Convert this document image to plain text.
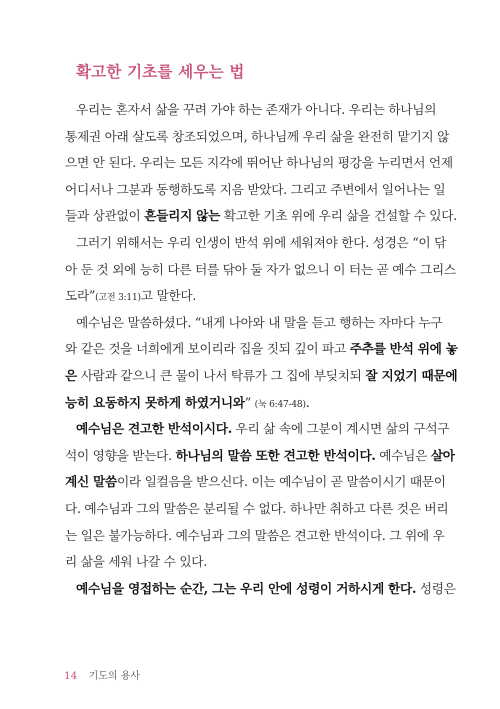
확고한 기초를 세우는 법
우리는 혼자서 삶을 꾸려 가야 하는 존재가 아니다. 우리는 하나님의
통제권 아래 살도록 창조되었으며, 하나님께 우리 삶을 완전히 맡기지 않
으면 안 된다. 우리는 모든 지각에 뛰어난 하나님의 평강을 누리면서 언제
어디서나 그분과 동행하도록 지음 받았다. 그리고 주변에서 일어나는 일
들과 상관없이 흔들리지 않는 확고한 기초 위에 우리 삶을 건설할 수 있다.
그러기 위해서는 우리 인생이 반석 위에 세워져야 한다. 성경은 “이 닦
아 둔 것 외에 능히 다른 터를 닦아 둘 자가 없으니 이 터는 곧 예수 그리스
도라”(고전 3:11)고 말한다.
예수님은 말씀하셨다. “내게 나아와 내 말을 듣고 행하는 자마다 누구
와 같은 것을 너희에게 보이리라 집을 짓되 깊이 파고 주추를 반석 위에 놓
은 사람과 같으니 큰 물이 나서 탁류가 그 집에 부딪치되 잘 지었기 때문에
능히 요동하지 못하게 하였거니와” (눅 6:47-48).
예수님은 견고한 반석이시다. 우리 삶 속에 그분이 계시면 삶의 구석구
석이 영향을 받는다. 하나님의 말씀 또한 견고한 반석이다. 예수님은 살아
계신 말씀이라 일컬음을 받으신다. 이는 예수님이 곧 말씀이시기 때문이
다. 예수님과 그의 말씀은 분리될 수 없다. 하나만 취하고 다른 것은 버리
는 일은 불가능하다. 예수님과 그의 말씀은 견고한 반석이다. 그 위에 우
리 삶을 세워 나갈 수 있다.
예수님을 영접하는 순간, 그는 우리 안에 성령이 거하시게 한다. 성령은
14 기도의 용사
